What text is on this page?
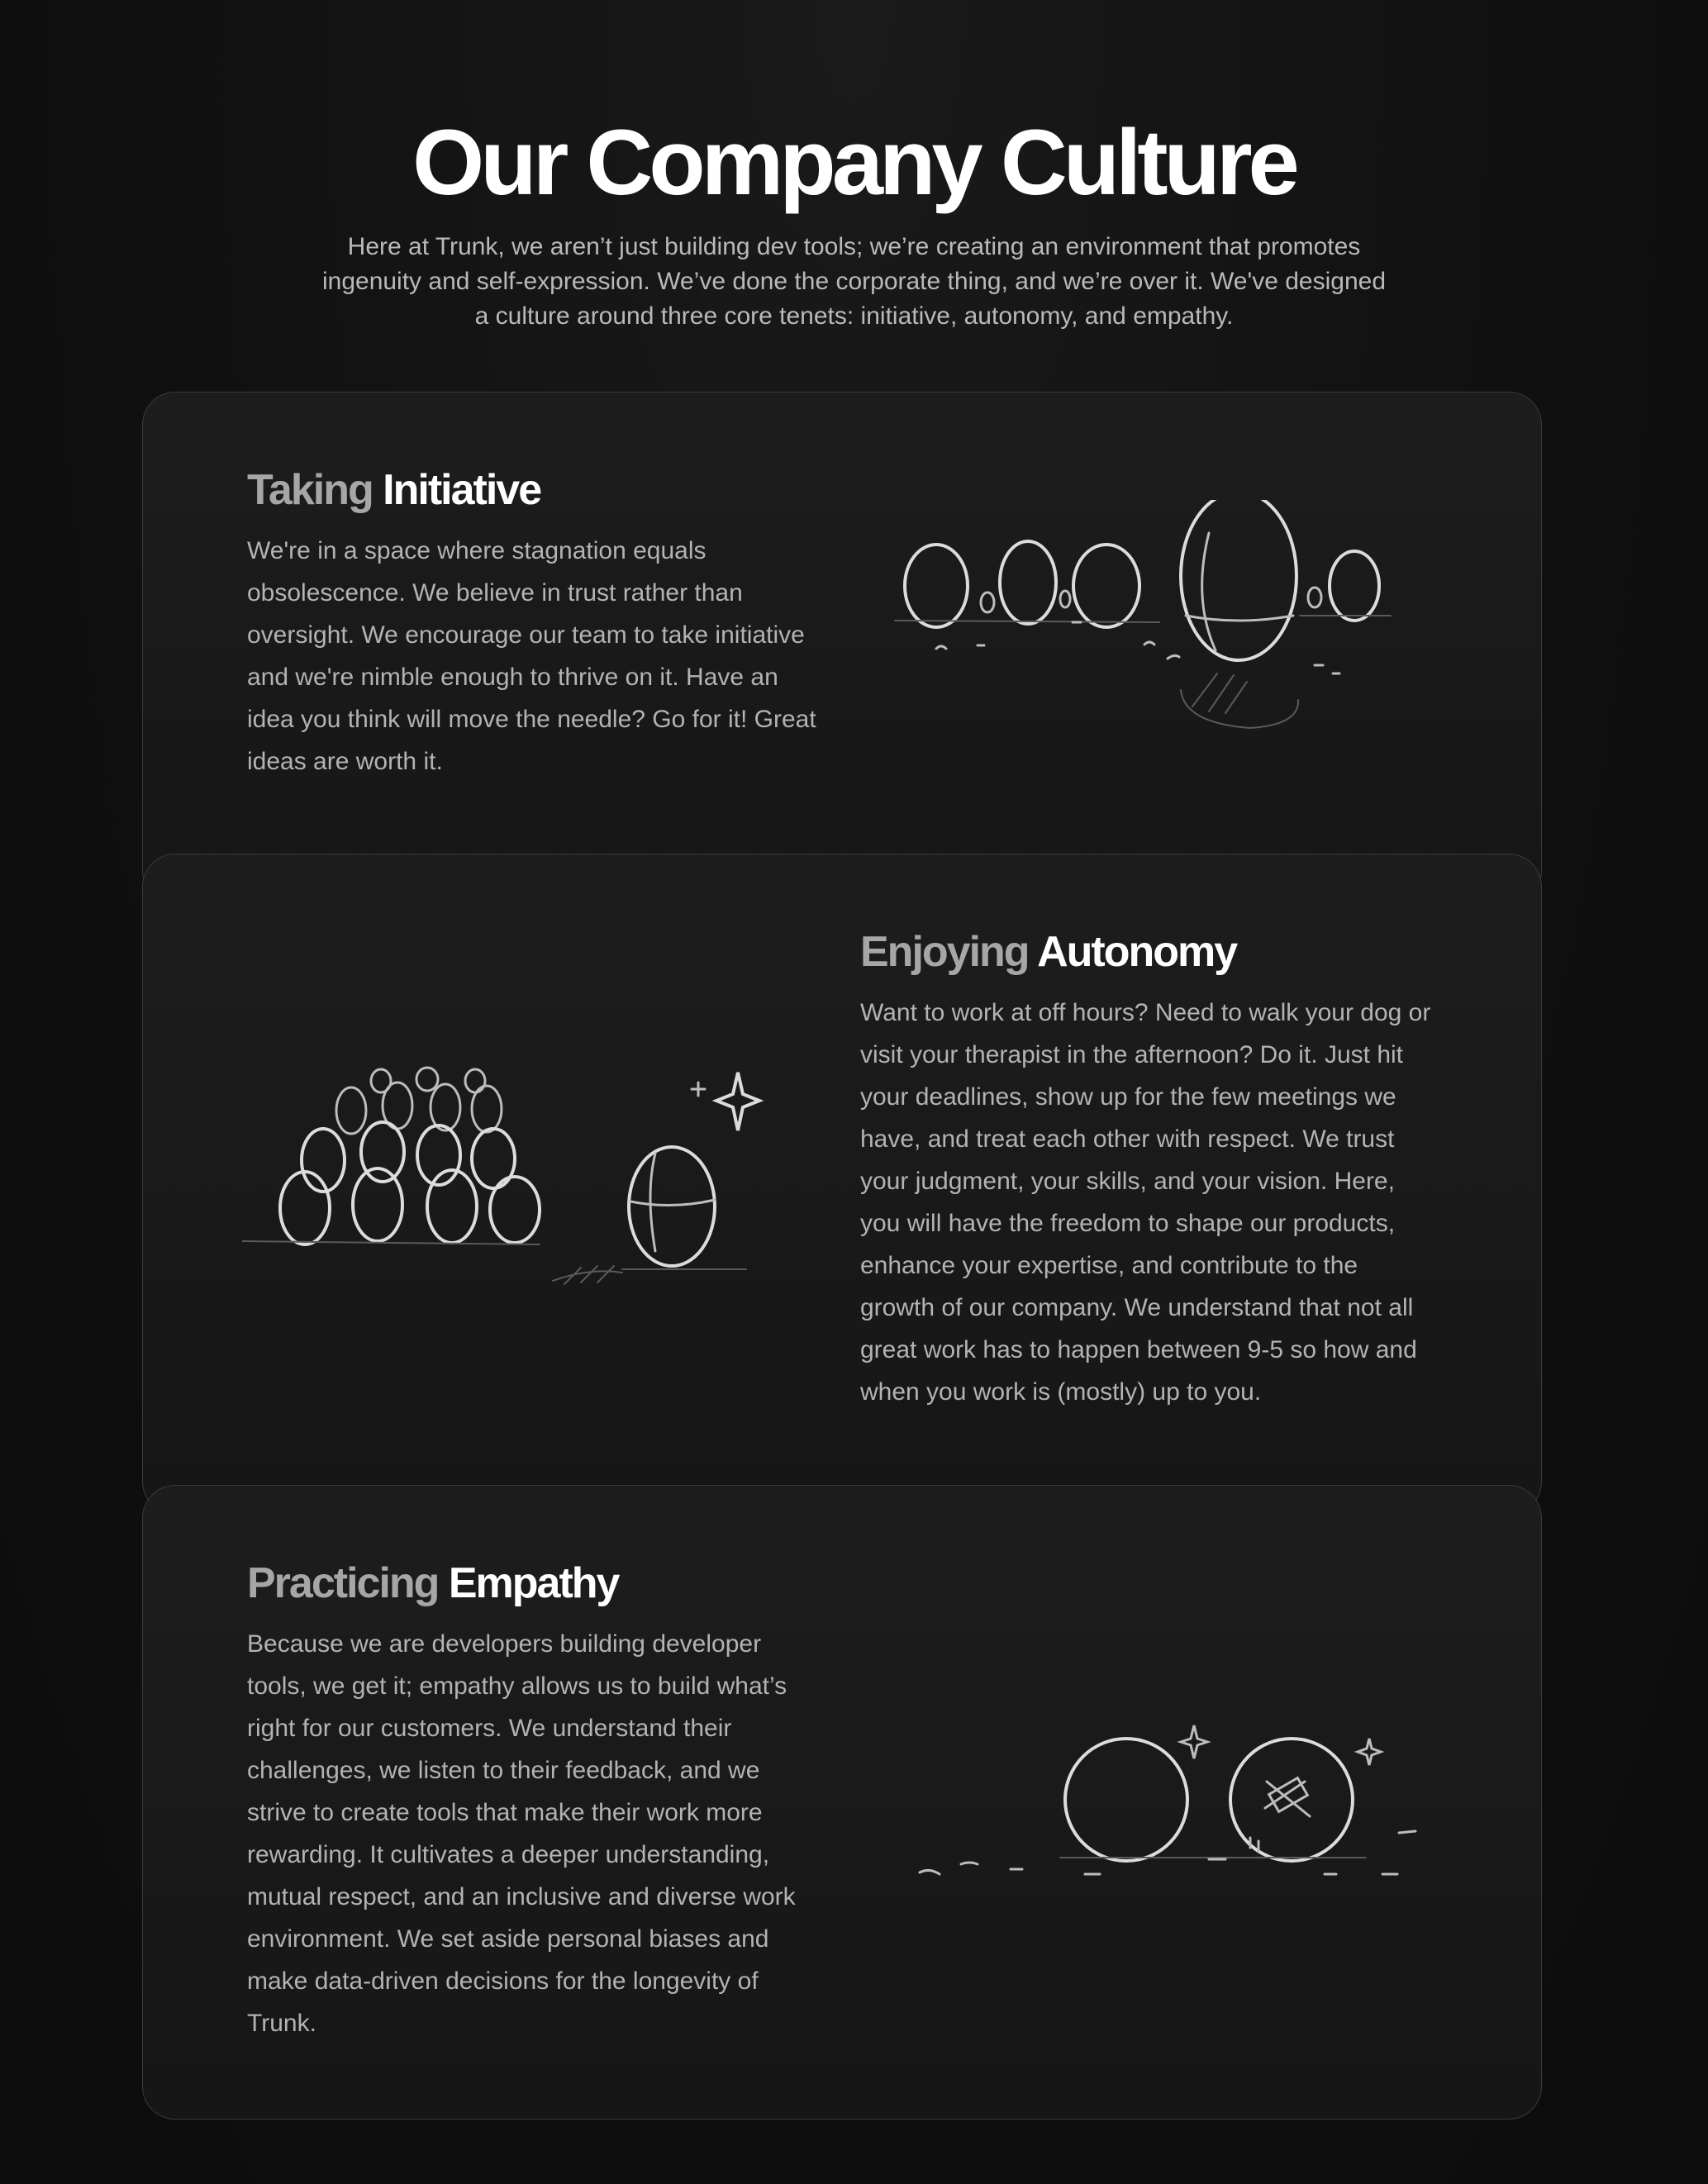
Our Company Culture

Here at Trunk, we aren’t just building dev tools; we’re creating an environment that promotes ingenuity and self-expression. We’ve done the corporate thing, and we’re over it. We've designed a culture around three core tenets: initiative, autonomy, and empathy.

Taking Initiative

We're in a space where stagnation equals obsolescence. We believe in trust rather than oversight. We encourage our team to take initiative and we're nimble enough to thrive on it. Have an idea you think will move the needle? Go for it! Great ideas are worth it.

Enjoying Autonomy

Want to work at off hours? Need to walk your dog or visit your therapist in the afternoon? Do it. Just hit your deadlines, show up for the few meetings we have, and treat each other with respect. We trust your judgment, your skills, and your vision. Here, you will have the freedom to shape our products, enhance your expertise, and contribute to the growth of our company. We understand that not all great work has to happen between 9-5 so how and when you work is (mostly) up to you.

Practicing Empathy

Because we are developers building developer tools, we get it; empathy allows us to build what’s right for our customers. We understand their challenges, we listen to their feedback, and we strive to create tools that make their work more rewarding. It cultivates a deeper understanding, mutual respect, and an inclusive and diverse work environment. We set aside personal biases and make data-driven decisions for the longevity of Trunk.
